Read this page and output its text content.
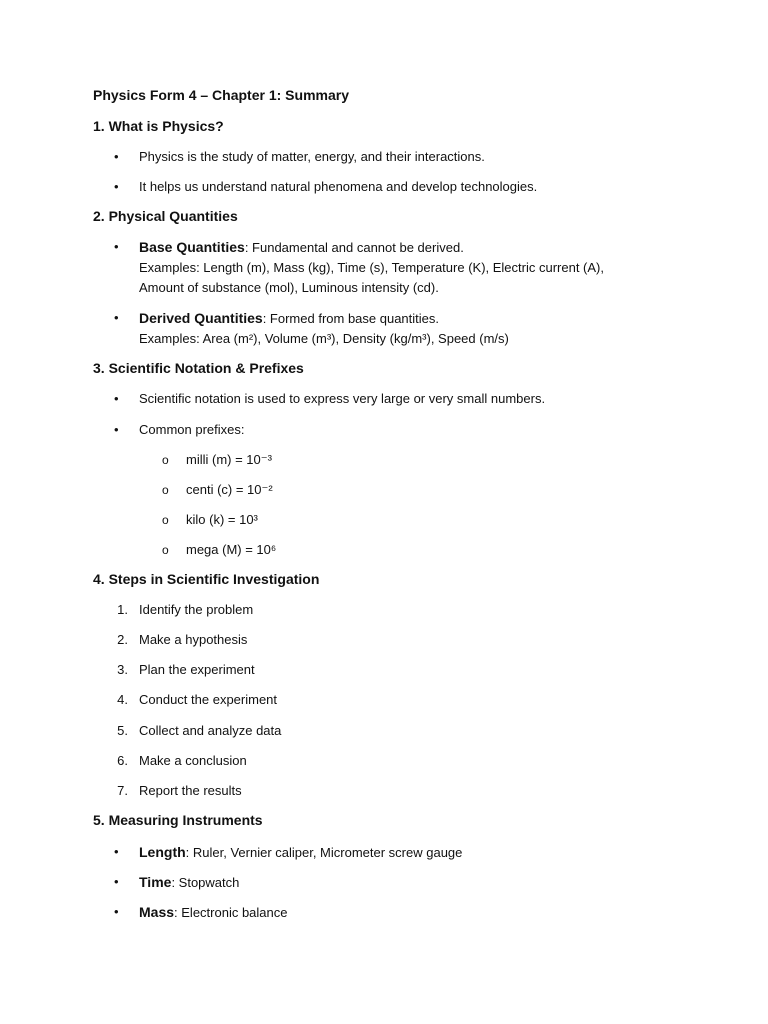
Physics Form 4 – Chapter 1: Summary
1. What is Physics?
• Physics is the study of matter, energy, and their interactions.
• It helps us understand natural phenomena and develop technologies.
2. Physical Quantities
• Base Quantities: Fundamental and cannot be derived.
Examples: Length (m), Mass (kg), Time (s), Temperature (K), Electric current (A),
Amount of substance (mol), Luminous intensity (cd).
• Derived Quantities: Formed from base quantities.
Examples: Area (m²), Volume (m³), Density (kg/m³), Speed (m/s)
3. Scientific Notation & Prefixes
• Scientific notation is used to express very large or very small numbers.
• Common prefixes:
o milli (m) = 10⁻³
o centi (c) = 10⁻²
o kilo (k) = 10³
o mega (M) = 10⁶
4. Steps in Scientific Investigation
1. Identify the problem
2. Make a hypothesis
3. Plan the experiment
4. Conduct the experiment
5. Collect and analyze data
6. Make a conclusion
7. Report the results
5. Measuring Instruments
• Length: Ruler, Vernier caliper, Micrometer screw gauge
• Time: Stopwatch
• Mass: Electronic balance
